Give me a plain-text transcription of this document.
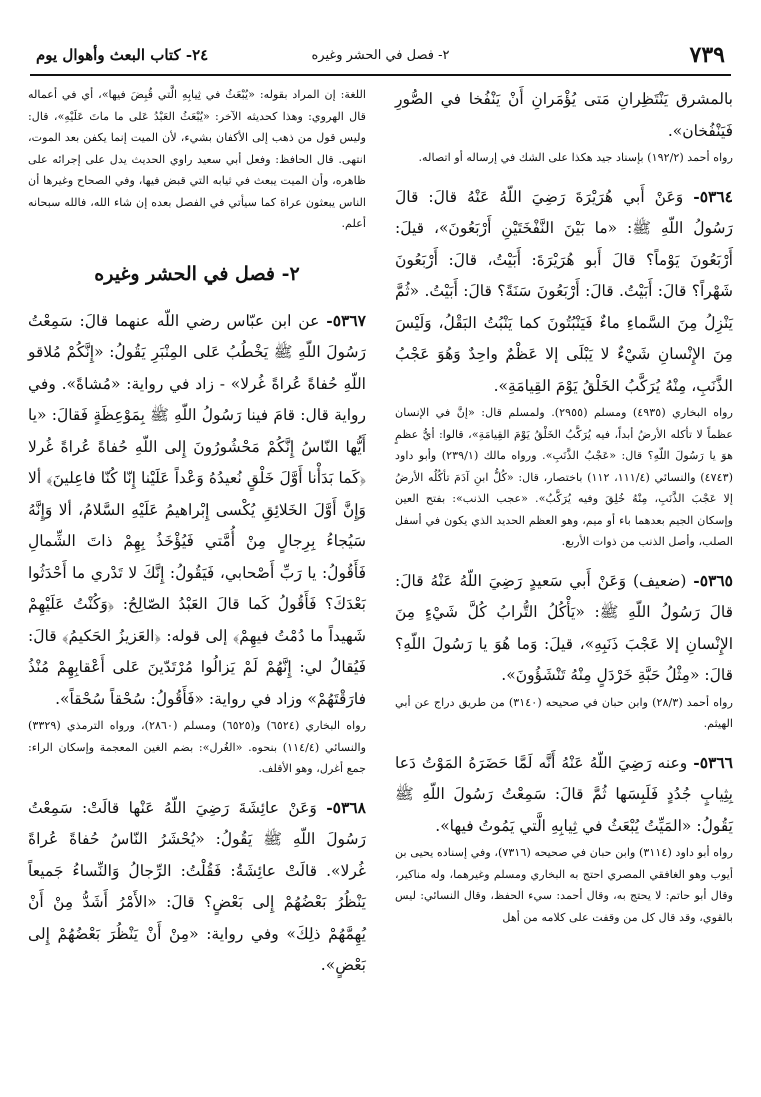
٧٣٩
٢- فصل في الحشر وغيره
٢٤- كتاب البعث وأهوال يوم

بالمشرق يَنْتَظِرانِ مَتى يُؤْمَرانِ أَنْ يَنْفُخا في الصُّورِ فَيَنْفُخان».

رواه أحمد (١٩٢/٢) بإسناد جيد هكذا على الشك في إرساله أو اتصاله.

٥٣٦٤- وَعَنْ أَبي هُرَيْرَةَ رَضِيَ اللّهُ عَنْهُ قالَ: قالَ رَسُولُ اللّهِ ﷺ: «ما بَيْنَ النَّفْخَتَيْنِ أَرْبَعُونَ»، قيلَ: أَرْبَعُونَ يَوْماً؟ قالَ أَبو هُرَيْرَةَ: أَبَيْتُ، قالَ: أَرْبَعُونَ شَهْراً؟ قالَ: أَبَيْتُ. قالَ: أَرْبَعُونَ سَنَةً؟ قالَ: أَبَيْتُ. «ثُمَّ يَنْزِلُ مِنَ السَّماءِ ماءٌ فَيَنْبُتُونَ كما يَنْبُتُ البَقْلُ، وَلَيْسَ مِنَ الإِنْسانِ شَيْءٌ لا يَبْلَى إلا عَظْمٌ واحِدٌ وَهُوَ عَجْبُ الذَّنَبِ، مِنْهُ يُرَكَّبُ الخَلْقُ يَوْمَ القِيامَةِ».

رواه البخاري (٤٩٣٥) ومسلم (٢٩٥٥). ولمسلم قال: «إنَّ في الإنسان عظماً لا تأكله الأرضُ أبداً، فيه يُرَكَّبُ الخَلْقُ يَوْمَ القِيامَةِ»، قالوا: أيُّ عظمٍ هوَ يا رَسُولَ اللّهِ؟ قال: «عَجْبُ الذَّنَبِ». ورواه مالك (٢٣٩/١) وأبو داود (٤٧٤٣) والنسائي (١١١/٤، ١١٢) باختصار، قال: «كُلُّ ابنِ آدَمَ تأكُلُه الأرضُ إلا عَجْبَ الذَّنَبِ، مِنْهُ خُلِقَ وفيه يُرَكَّبُ». «عجب الذنب»: بفتح العين وإسكان الجيم بعدهما باء أو ميم، وهو العظم الحديد الذي يكون في أسفل الصلب، وأصل الذنب من ذوات الأربع.

٥٣٦٥- (ضعيف) وَعَنْ أَبي سَعيدٍ رَضِيَ اللّهُ عَنْهُ قالَ: قالَ رَسُولُ اللّهِ ﷺ: «يَأْكُلُ التُّرابُ كُلَّ شَيْءٍ مِنَ الإِنْسانِ إلا عَجْبَ ذَنَبِهِ»، قيلَ: وَما هُوَ يا رَسُولَ اللّهِ؟ قالَ: «مِثْلُ حَبَّةِ خَرْدَلٍ مِنْهُ تَنْشَؤُونَ».

رواه أحمد (٢٨/٣) وابن حبان في صحيحه (٣١٤٠) من طريق دراج عن أبي الهيثم.

٥٣٦٦- وعنه رَضِيَ اللّهُ عَنْهُ أَنَّه لَمَّا حَضَرَهُ المَوْتُ دَعا بِثِيابٍ جُدُدٍ فَلَبِسَها ثُمَّ قالَ: سَمِعْتُ رَسُولَ اللّهِ ﷺ يَقُولُ: «المَيِّتُ يُبْعَثُ في ثِيابِهِ الَّتي يَمُوتُ فيها».

رواه أبو داود (٣١١٤) وابن حبان في صحيحه (٧٣١٦)، وفي إسناده يحيى بن أيوب وهو الغافقي المصري احتج به البخاري ومسلم وغيرهما، وله مناكير، وقال أبو حاتم: لا يحتج به، وقال أحمد: سيء الحفظ، وقال النسائي: ليس بالقوي، وقد قال كل من وقفت على كلامه من أهل

اللغة: إن المراد بقوله: «يُبْعَثُ في ثِيابِهِ الَّتي قُبِضَ فيها»، أي في أعماله قال الهروي: وهذا كحديثه الآخر: «يُبْعَثُ العَبْدُ عَلى ما ماتَ عَلَيْهِ»، قال: وليس قول من ذهب إلى الأكفان بشيء، لأن الميت إنما يكفن بعد الموت، انتهى. قال الحافظ: وفعل أبي سعيد راوي الحديث يدل على إجرائه على ظاهره، وأن الميت يبعث في ثيابه التي قبض فيها، وفي الصحاح وغيرها أن الناس يبعثون عراة كما سيأتي في الفصل بعده إن شاء الله، فالله سبحانه أعلم.

٢- فصل في الحشر وغيره

٥٣٦٧- عن ابن عبّاس رضي اللّه عنهما قالَ: سَمِعْتُ رَسُولَ اللّهِ ﷺ يَخْطُبُ عَلى المِنْبَرِ يَقُولُ: «إِنَّكُمْ مُلاقو اللّهِ حُفاةً عُراةً غُرلا» - زاد في رواية: «مُشاةً». وفي رواية قال: قامَ فينا رَسُولُ اللّهِ ﷺ بِمَوْعِظَةٍ فَقالَ: «يا أَيُّها النّاسُ إِنَّكُمْ مَحْشُورُونَ إِلى اللّهِ حُفاةً عُراةً غُرلا ﴿كَما بَدَأْنا أَوَّلَ خَلْقٍ نُعيدُهُ وَعْداً عَلَيْنا إِنّا كُنّا فاعِلينَ﴾ ألا وَإِنَّ أَوَّلَ الخَلائِقِ يُكْسى إِبْراهيمُ عَلَيْهِ السَّلامُ، ألا وَإِنَّهُ سَيُجاءُ بِرِجالٍ مِنْ أُمَّتي فَيُؤْخَذُ بِهِمْ ذاتَ الشِّمالِ فَأَقُولُ: يا رَبِّ أَصْحابي، فَيَقُولُ: إِنَّكَ لا تَدْري ما أَحْدَثُوا بَعْدَكَ؟ فَأَقُولُ كَما قالَ العَبْدُ الصّالِحُ: ﴿وَكُنْتُ عَلَيْهِمْ شَهيداً ما دُمْتُ فيهِمْ﴾ إلى قوله: ﴿العَزيزُ الحَكيمُ﴾ قالَ: فَيُقالُ لي: إِنَّهُمْ لَمْ يَزالُوا مُرْتَدّينَ عَلى أَعْقابِهِمْ مُنْذُ فارَقْتَهُمْ» وزاد في رواية: «فَأَقُولُ: سُحْقاً سُحْقاً».

رواه البخاري (٦٥٢٤) و(٦٥٢٥) ومسلم (٢٨٦٠)، ورواه الترمذي (٣٣٢٩) والنسائي (١١٤/٤) بنحوه. «الغُرل»: بضم الغين المعجمة وإسكان الراء: جمع أغرل، وهو الأقلف.

٥٣٦٨- وَعَنْ عائِشَةَ رَضِيَ اللّهُ عَنْها قالَتْ: سَمِعْتُ رَسُولَ اللّهِ ﷺ يَقُولُ: «يُحْشَرُ النّاسُ حُفاةً عُراةً غُرلا». قالَتْ عائِشَةُ: فَقُلْتُ: الرِّجالُ وَالنِّساءُ جَميعاً يَنْظُرُ بَعْضُهُمْ إِلى بَعْضٍ؟ قالَ: «الأَمْرُ أَشَدُّ مِنْ أَنْ يُهِمَّهُمْ ذلِكَ» وفي رواية: «مِنْ أَنْ يَنْظُرَ بَعْضُهُمْ إِلى بَعْضٍ».
